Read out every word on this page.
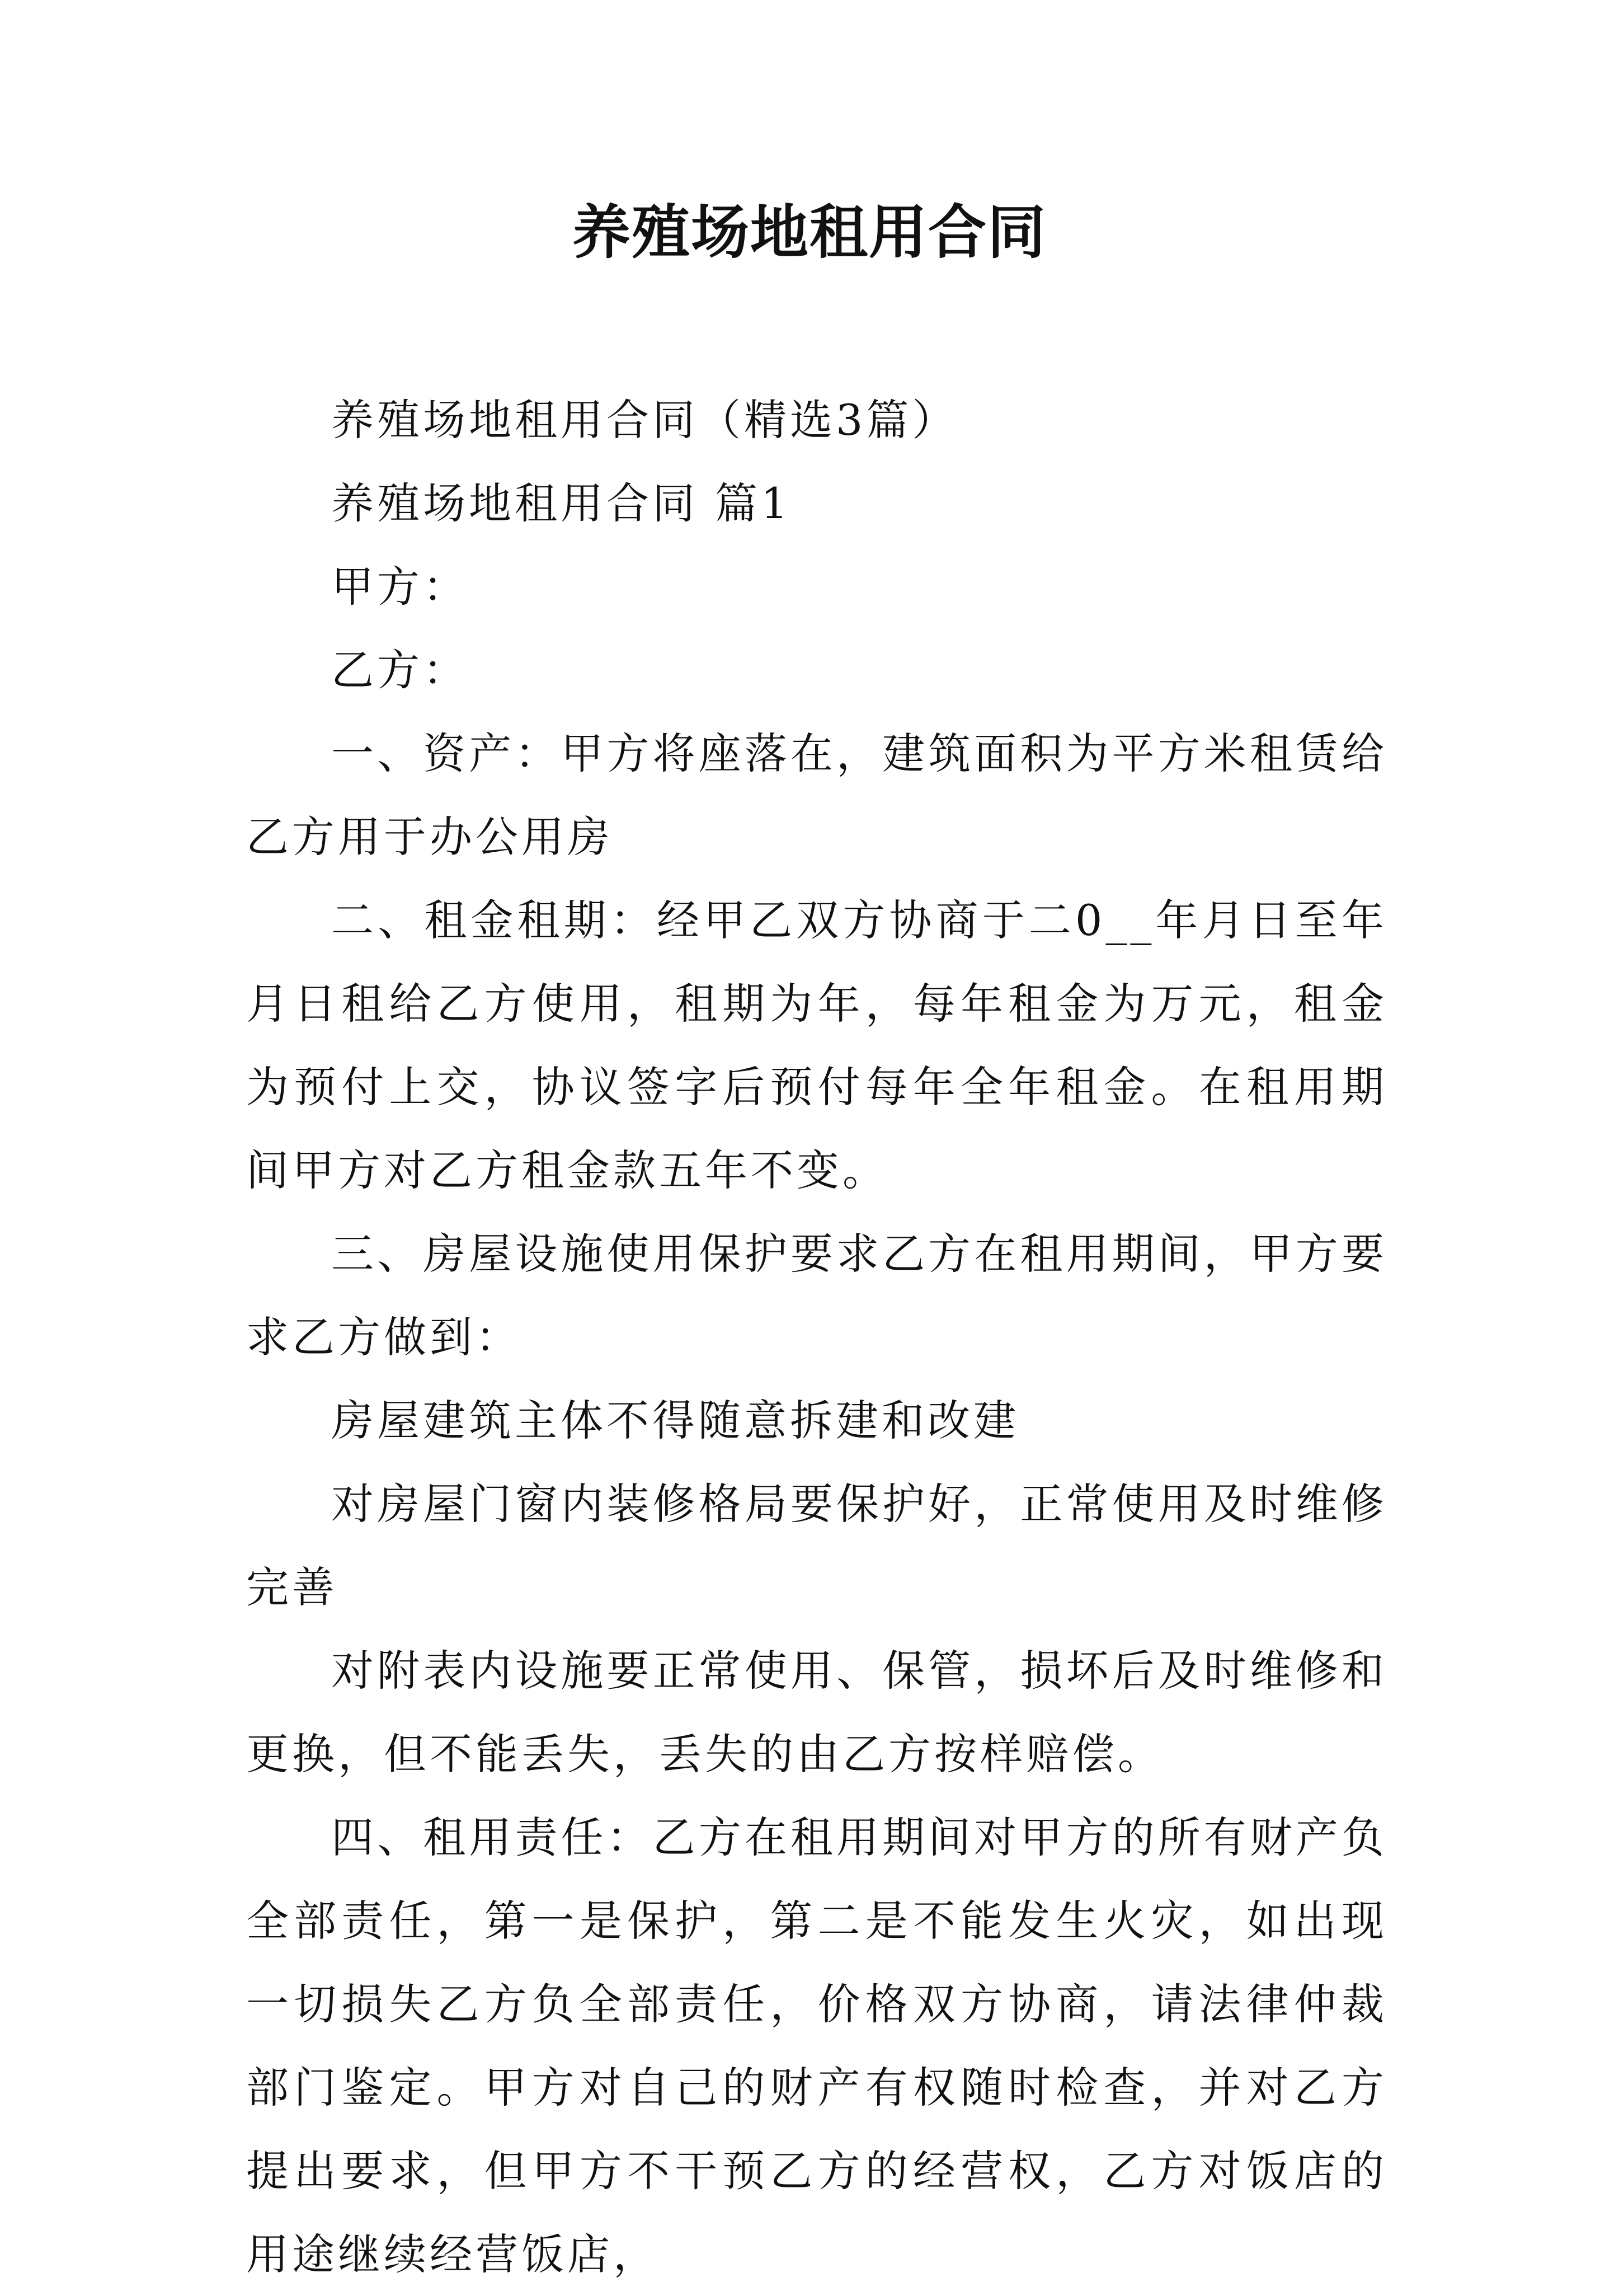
养殖场地租用合同

养殖场地租用合同（精选3篇）

养殖场地租用合同 篇1

甲方：

乙方：

一、资产：甲方将座落在，建筑面积为平方米租赁给乙方用于办公用房

二、租金租期：经甲乙双方协商于二0__年月日至年月日租给乙方使用，租期为年，每年租金为万元，租金为预付上交，协议签字后预付每年全年租金。在租用期间甲方对乙方租金款五年不变。

三、房屋设施使用保护要求乙方在租用期间，甲方要求乙方做到：

房屋建筑主体不得随意拆建和改建

对房屋门窗内装修格局要保护好，正常使用及时维修完善

对附表内设施要正常使用、保管，损坏后及时维修和更换，但不能丢失，丢失的由乙方按样赔偿。

四、租用责任：乙方在租用期间对甲方的所有财产负全部责任，第一是保护，第二是不能发生火灾，如出现一切损失乙方负全部责任，价格双方协商，请法律仲裁部门鉴定。甲方对自己的财产有权随时检查，并对乙方提出要求，但甲方不干预乙方的经营权，乙方对饭店的用途继续经营饭店，
